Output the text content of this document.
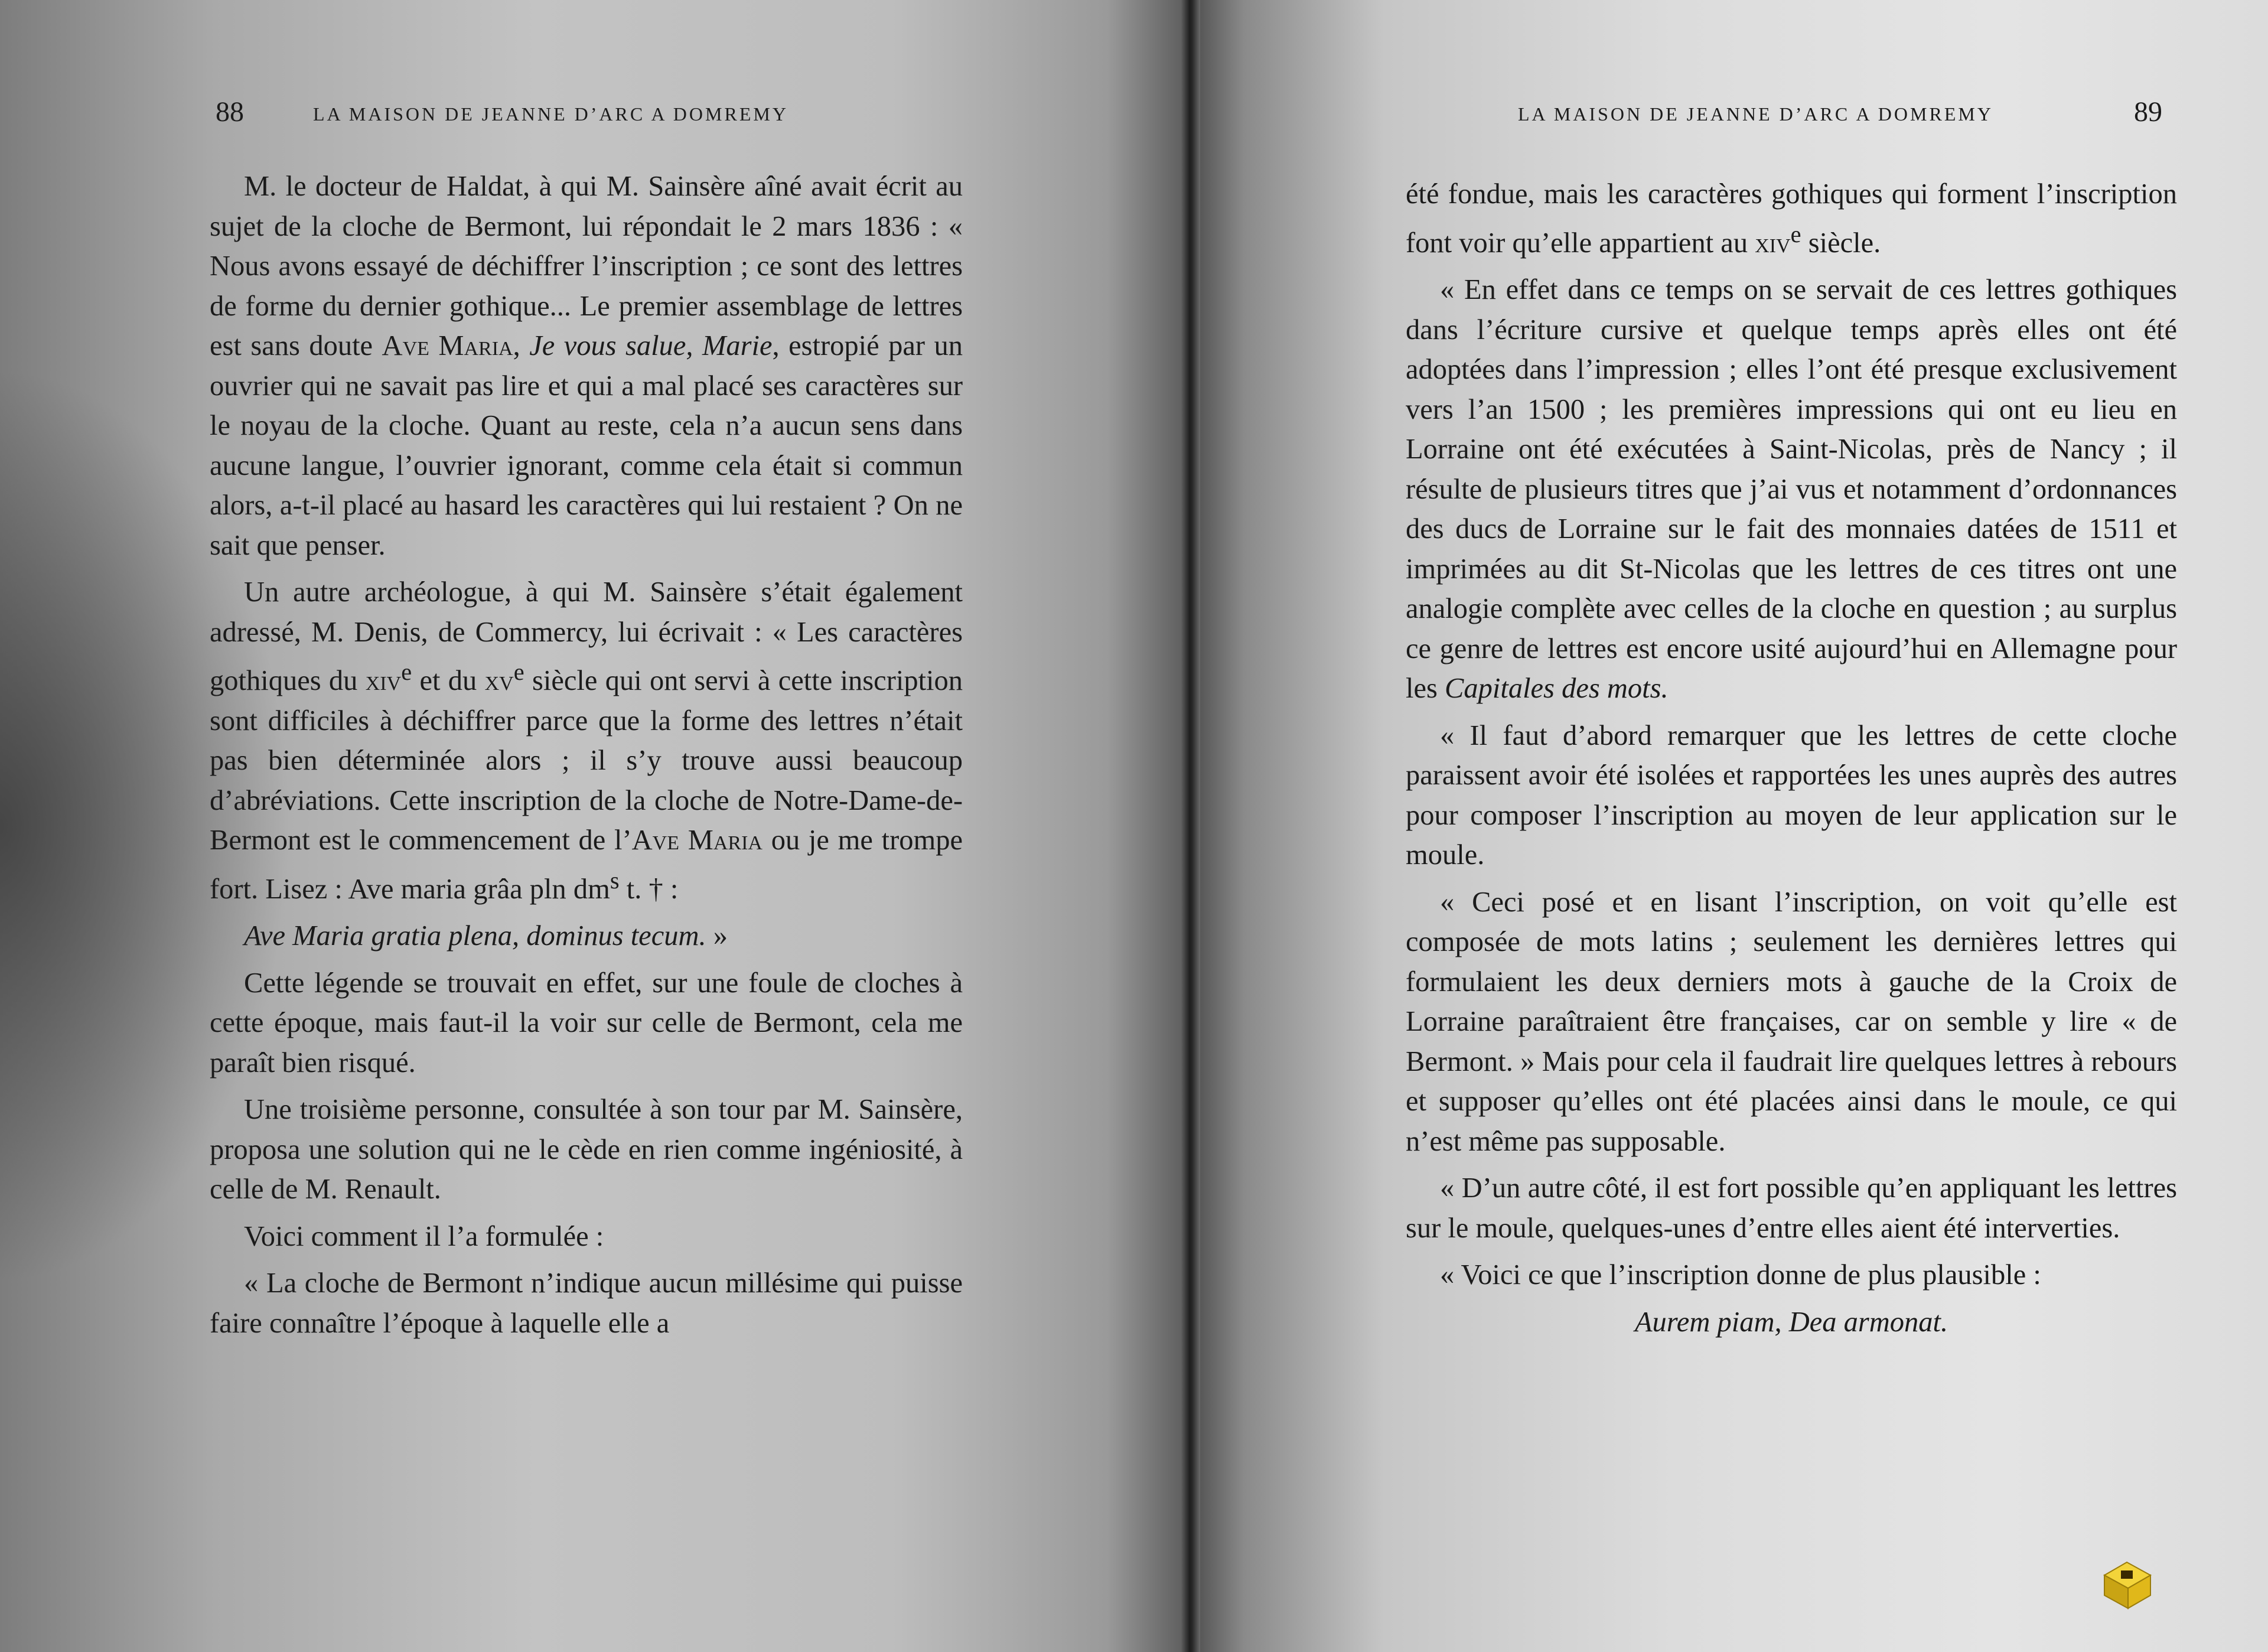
88	LA MAISON DE JEANNE D’ARC A DOMREMY

M. le docteur de Haldat, à qui M. Sainsère aîné avait écrit au sujet de la cloche de Bermont, lui répondait le 2 mars 1836 : « Nous avons essayé de déchiffrer l’inscription ; ce sont des lettres de forme du dernier gothique... Le premier assemblage de lettres est sans doute Ave Maria, Je vous salue, Marie, estropié par un ouvrier qui ne savait pas lire et qui a mal placé ses caractères sur le noyau de la cloche. Quant au reste, cela n’a aucun sens dans aucune langue, l’ouvrier ignorant, comme cela était si commun alors, a-t-il placé au hasard les caractères qui lui restaient ? On ne sait que penser.

Un autre archéologue, à qui M. Sainsère s’était également adressé, M. Denis, de Commercy, lui écrivait : « Les caractères gothiques du xiv$^e$ et du $xv^e$ siècle qui ont servi à cette inscription sont difficiles à déchiffrer parce que la forme des lettres n’était pas bien déterminée alors ; il s’y trouve aussi beaucoup d’abréviations. Cette inscription de la cloche de Notre-Dame-de-Bermont est le commencement de l’Ave Maria ou je me trompe fort. Lisez : Ave maria grâa pln $dm^s$ t. † :

Ave Maria gratia plena, dominus tecum. »

Cette légende se trouvait en effet, sur une foule de cloches à cette époque, mais faut-il la voir sur celle de Bermont, cela me paraît bien risqué.

Une troisième personne, consultée à son tour par M. Sainsère, proposa une solution qui ne le cède en rien comme ingéniosité, à celle de M. Renault.

Voici comment il l’a formulée :

« La cloche de Bermont n’indique aucun millésime qui puisse faire connaître l’époque à laquelle elle a

LA MAISON DE JEANNE D’ARC A DOMREMY	89

été fondue, mais les caractères gothiques qui forment l’inscription font voir qu’elle appartient au xiv$^e$ siècle.

« En effet dans ce temps on se servait de ces lettres gothiques dans l’écriture cursive et quelque temps après elles ont été adoptées dans l’impression ; elles l’ont été presque exclusivement vers l’an 1500 ; les premières impressions qui ont eu lieu en Lorraine ont été exécutées à Saint-Nicolas, près de Nancy ; il résulte de plusieurs titres que j’ai vus et notamment d’ordonnances des ducs de Lorraine sur le fait des monnaies datées de 1511 et imprimées au dit St-Nicolas que les lettres de ces titres ont une analogie complète avec celles de la cloche en question ; au surplus ce genre de lettres est encore usité aujourd’hui en Allemagne pour les Capitales des mots.

« Il faut d’abord remarquer que les lettres de cette cloche paraissent avoir été isolées et rapportées les unes auprès des autres pour composer l’inscription au moyen de leur application sur le moule.

« Ceci posé et en lisant l’inscription, on voit qu’elle est composée de mots latins ; seulement les dernières lettres qui formulaient les deux derniers mots à gauche de la Croix de Lorraine paraîtraient être françaises, car on semble y lire « de Bermont. » Mais pour cela il faudrait lire quelques lettres à rebours et supposer qu’elles ont été placées ainsi dans le moule, ce qui n’est même pas supposable.

« D’un autre côté, il est fort possible qu’en appliquant les lettres sur le moule, quelques-unes d’entre elles aient été interverties.

« Voici ce que l’inscription donne de plus plausible :

Aurem piam, Dea armonat.
